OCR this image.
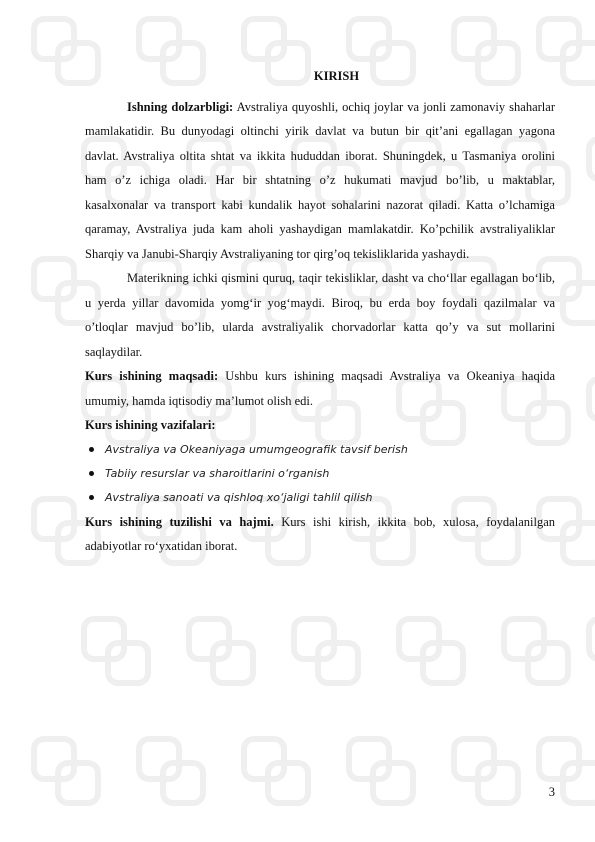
KIRISH

Ishning dolzarbligi: Avstraliya quyoshli, ochiq joylar va jonli zamonaviy shaharlar mamlakatidir. Bu dunyodagi oltinchi yirik davlat va butun bir qit’ani egallagan yagona davlat. Avstraliya oltita shtat va ikkita hududdan iborat. Shuningdek, u Tasmaniya orolini ham o’z ichiga oladi. Har bir shtatning o’z hukumati mavjud bo’lib, u maktablar, kasalxonalar va transport kabi kundalik hayot sohalarini nazorat qiladi. Katta o’lchamiga qaramay, Avstraliya juda kam aholi yashaydigan mamlakatdir. Ko’pchilik avstraliyaliklar Sharqiy va Janubi-Sharqiy Avstraliyaning tor qirg’oq tekisliklarida yashaydi.

Materikning ichki qismini quruq, taqir tekisliklar, dasht va cho‘llar egallagan bo‘lib, u yerda yillar davomida yomg‘ir yog‘maydi. Biroq, bu erda boy foydali qazilmalar va o’tloqlar mavjud bo’lib, ularda avstraliyalik chorvadorlar katta qo’y va sut mollarini saqlaydilar.

Kurs ishining maqsadi: Ushbu kurs ishining maqsadi Avstraliya va Okeaniya haqida umumiy, hamda iqtisodiy ma’lumot olish edi.

Kurs ishining vazifalari:

Avstraliya va Okeaniyaga umumgeografik tavsif berish
Tabiiy resurslar va sharoitlarini o‘rganish
Avstraliya sanoati va qishloq xo‘jaligi tahlil qilish

Kurs ishining tuzilishi va hajmi. Kurs ishi kirish, ikkita bob, xulosa, foydalanilgan adabiyotlar ro‘yxatidan iborat.

3
